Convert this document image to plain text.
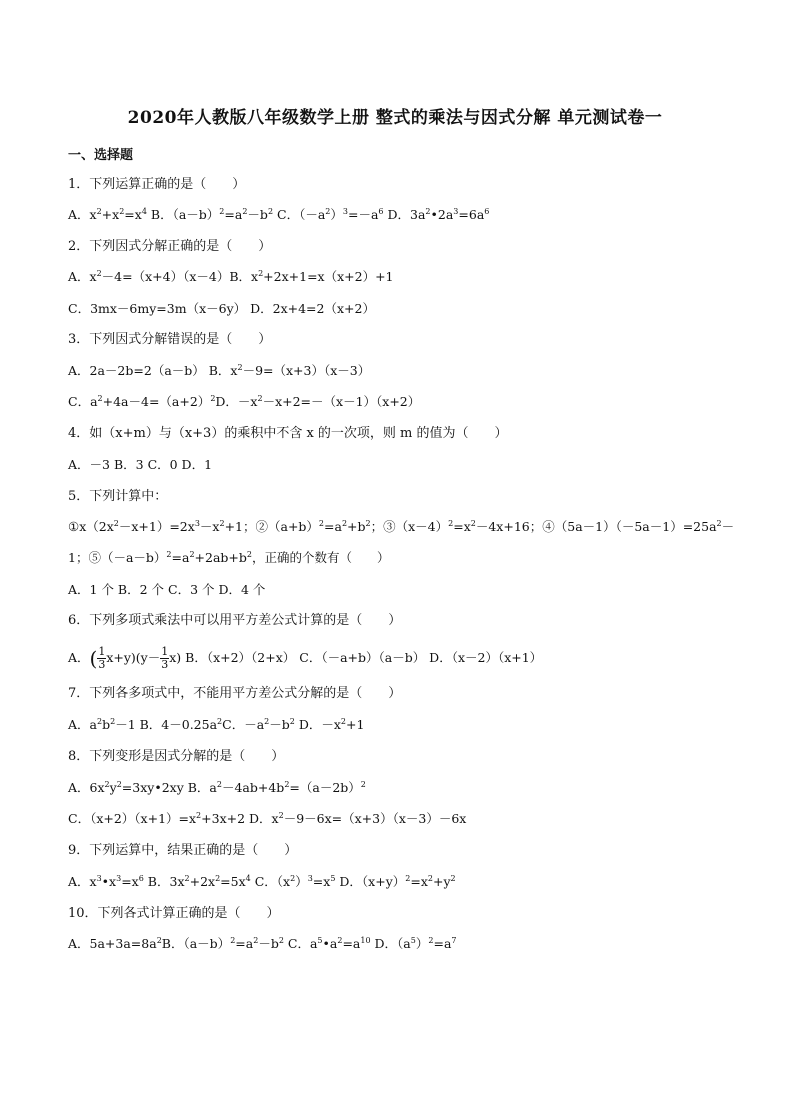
2020年人教版八年级数学上册 整式的乘法与因式分解 单元测试卷一
一、选择题
1．下列运算正确的是（　　）
A．$x^2+x^2=x^4$ B．$(a-b)^2=a^2-b^2$ C．$(-a^2)^3=-a^6$ D．$3a^2•2a^3=6a^6$
2．下列因式分解正确的是（　　）
A．$x^2-4=(x+4)(x-4)B$．$x^2+2x+1=x(x+2)+1$
C．3mx－6my=3m（x－6y） D．2x+4=2（x+2）
3．下列因式分解错误的是（　　）
A．2a－2b=2（a－b） B．$x^2-9=(x+3)(x-3)$
C．$a^2+4a-4=(a+2)^2D$．$-x^2-x+2=-(x-1)(x+2)$
4．如（x+m）与（x+3）的乘积中不含 x 的一次项，则 m 的值为（　　）
A．－3 B．3 C．0 D．1
5．下列计算中：
$①x(2x^2-x+1)=2x^3-x^2+1$；$②(a+b)^2=a^2+b^2$；$③(x-4)^2=x^2-4x+16$；$④(5a-1)(-5a-1)=25a^2-$
1；$⑤(-a-b)^2=a^2+2ab+b^2$，正确的个数有（　　）
A．1 个 B．2 个 C．3 个 D．4 个
6．下列多项式乘法中可以用平方差公式计算的是（　　）
A．( $\frac{1}{3} x+y)(y- \frac{1}{3} x)$ B．（x+2）（2+x） C．（－a+b）（a－b） D．（x－2）（x+1）
7．下列各多项式中，不能用平方差公式分解的是（　　）
A．$a^2b^2-1$ B．$4-0.25a^2C$．$-a^2-b^2$ D．$-x^2+1$
8．下列变形是因式分解的是（　　）
A．$6x^2y^2=3xy•2xy$ B．$a^2-4ab+4b^2=(a-2b)^2$
C．$(x+2)(x+1)=x^2+3x+2$ D．$x^2-9-6x=(x+3)(x-3)-6x$
9．下列运算中，结果正确的是（　　）
A．$x^3•x^3=x^6$ B．$3x^2+2x^2=5x^4$ C．$(x^2)^3=x^5$ D．$(x+y)^2=x^2+y^2$
10．下列各式计算正确的是（　　）
A．$5a+3a=8a^2B$．$(a-b)^2=a^2-b^2$ C．$a^5•a^2=a^{10}$ D．$(a^5)^2=a^7$
